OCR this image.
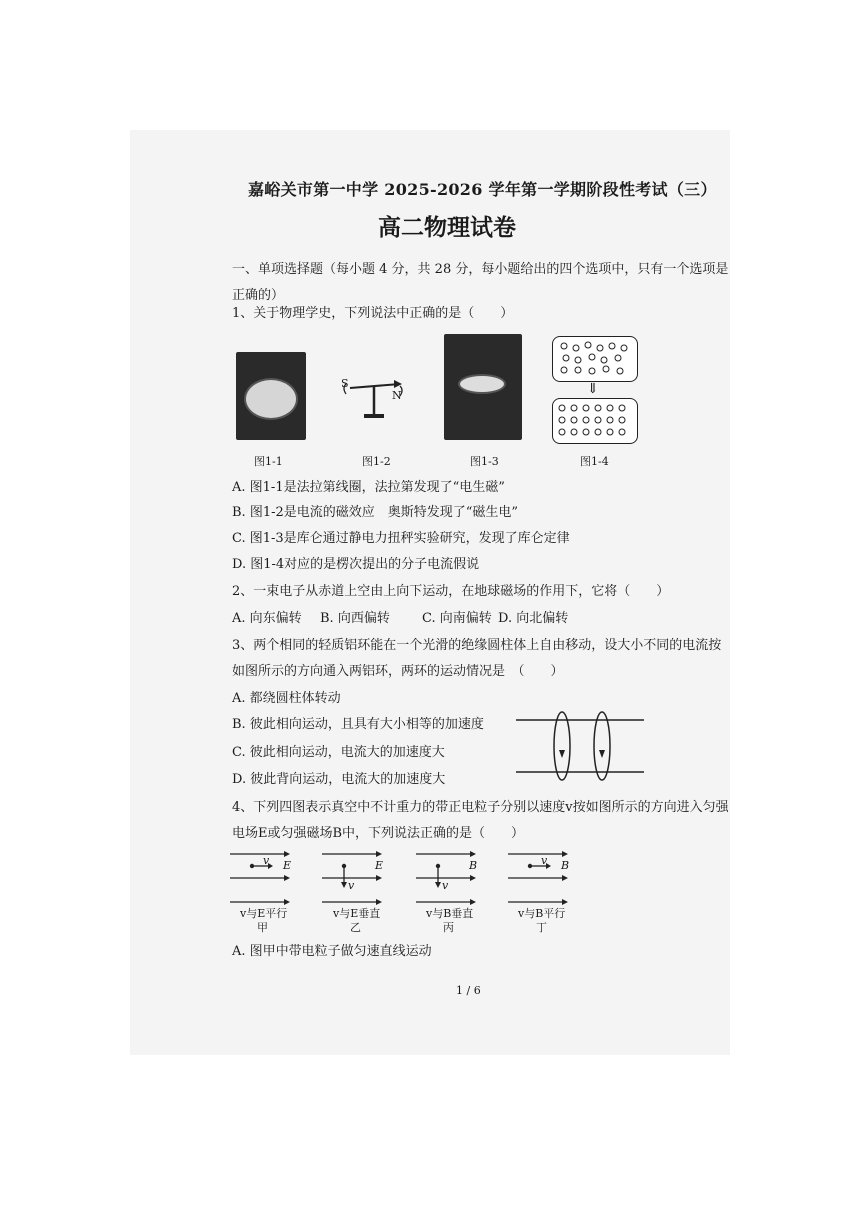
嘉峪关市第一中学 2025-2026 学年第一学期阶段性考试（三）
高二物理试卷
一、单项选择题（每小题 4 分，共 28 分，每小题给出的四个选项中，只有一个选项是
正确的）
1、关于物理学史，下列说法中正确的是（　　）
S
N	⇓
图1-1	图1-2	图1-3	图1-4
A. 图1-1是法拉第线圈，法拉第发现了“电生磁”
B. 图1-2是电流的磁效应　奥斯特发现了“磁生电”
C. 图1-3是库仑通过静电力扭秤实验研究，发现了库仑定律
D. 图1-4对应的是楞次提出的分子电流假说
2、一束电子从赤道上空由上向下运动，在地球磁场的作用下，它将（　　）
A. 向东偏转 B. 向西偏转 C. 向南偏转 D. 向北偏转
3、两个相同的轻质铝环能在一个光滑的绝缘圆柱体上自由移动，设大小不同的电流按
如图所示的方向通入两铝环，两环的运动情况是　（　　）
A. 都绕圆柱体转动
B. 彼此相向运动，且具有大小相等的加速度
C. 彼此相向运动，电流大的加速度大
D. 彼此背向运动，电流大的加速度大
4、下列四图表示真空中不计重力的带正电粒子分别以速度v按如图所示的方向进入匀强
电场E或匀强磁场B中，下列说法正确的是（　　）
v E	E
v
B
v
v B
v与E平行	v与E垂直	v与B垂直	v与B平行
甲	乙	丙	丁
A. 图甲中带电粒子做匀速直线运动
1 / 6
